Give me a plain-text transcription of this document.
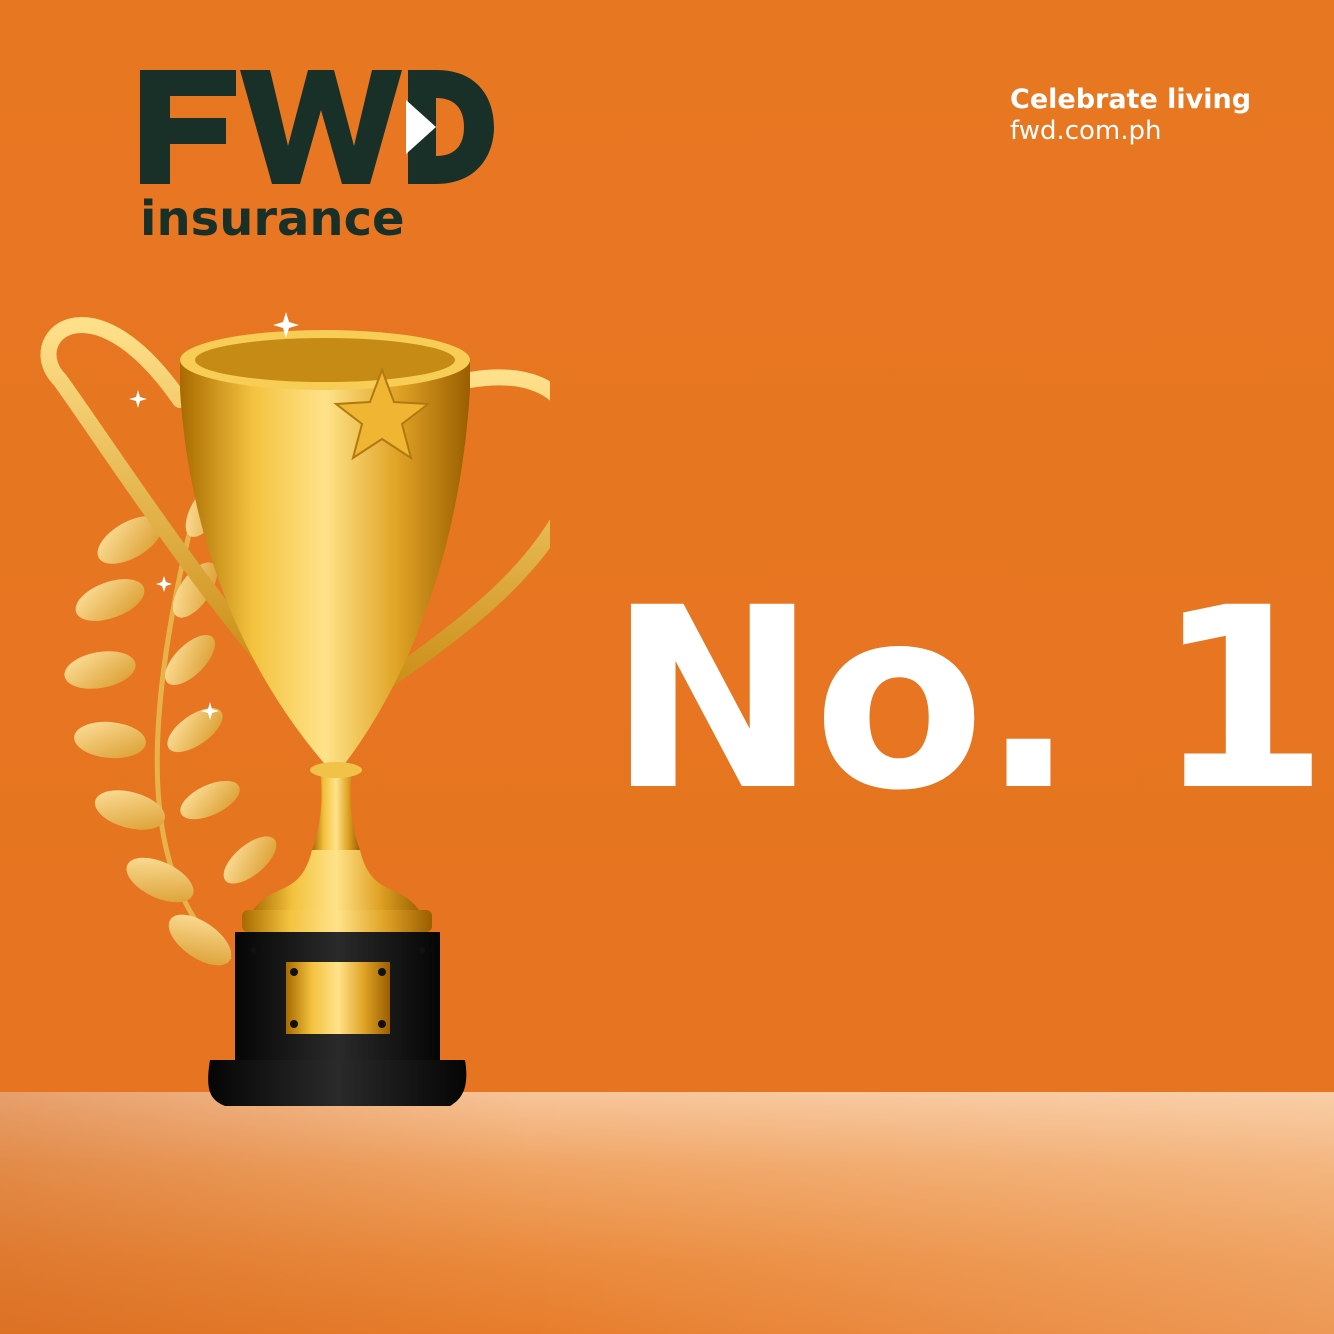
insurance
Celebrate living
fwd.com.ph
No. 1
